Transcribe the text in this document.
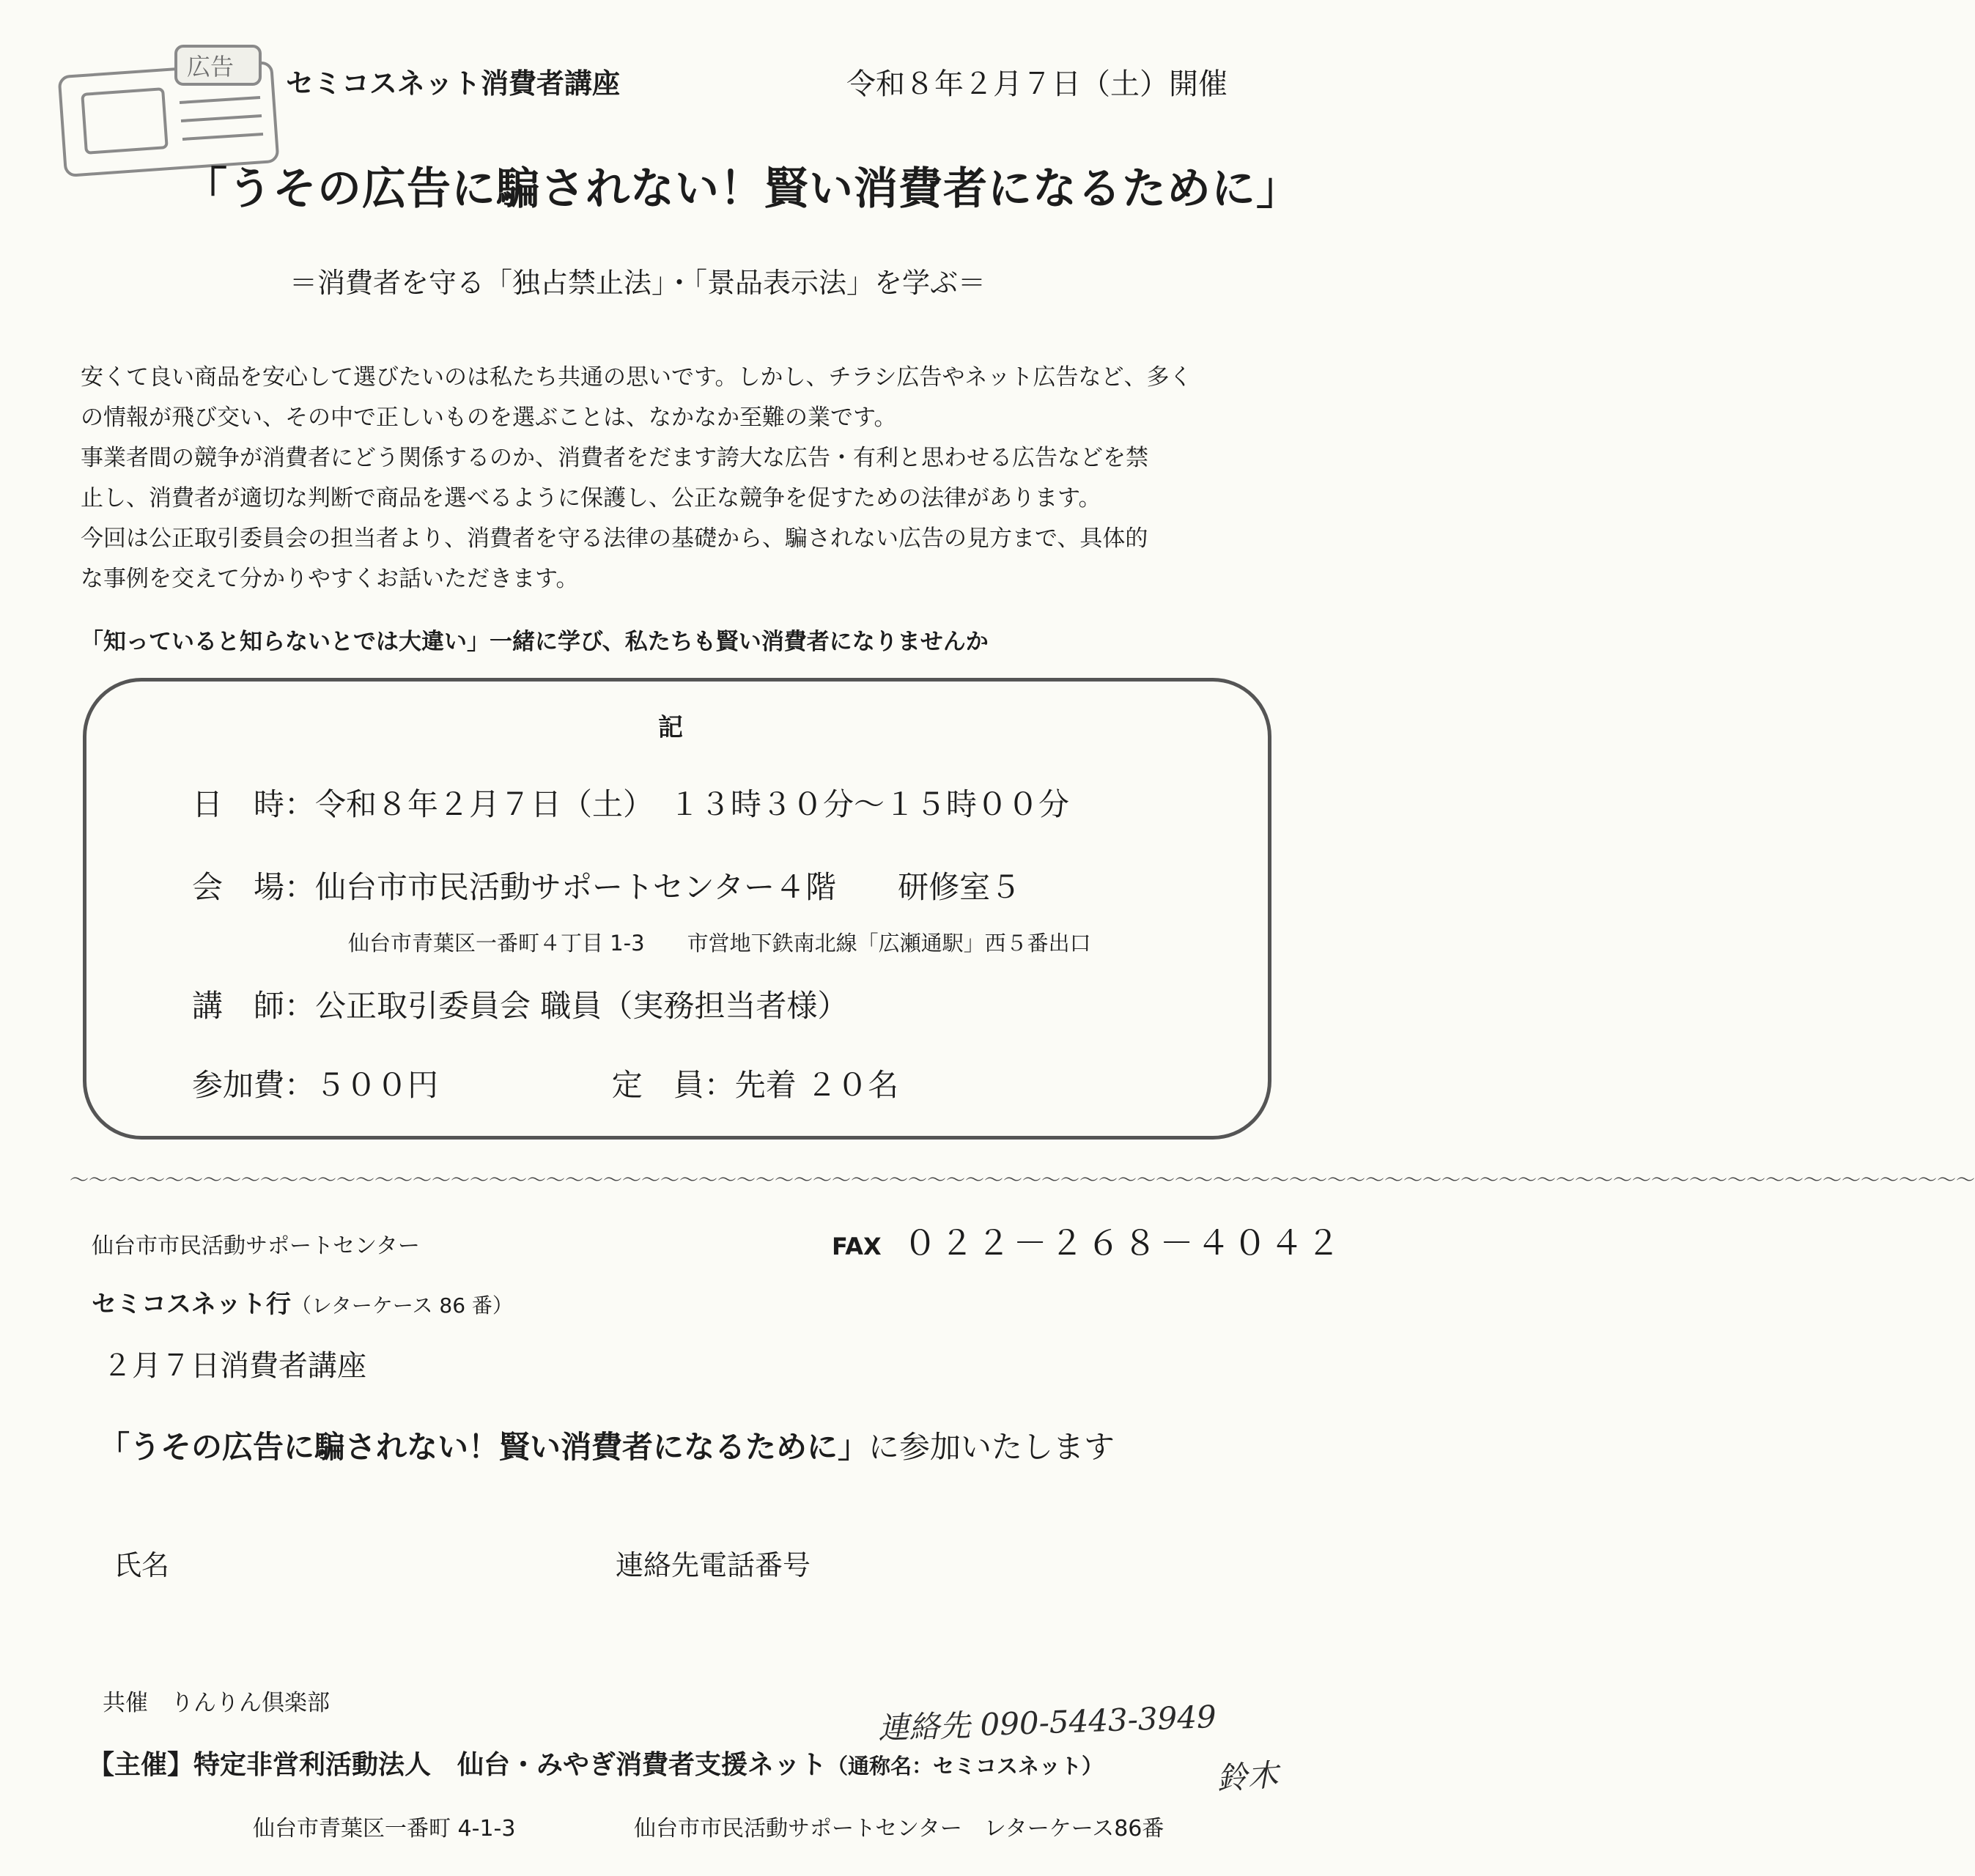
広告
セミコスネット消費者講座	令和８年２月７日（土）開催
「うその広告に騙されない！賢い消費者になるために」
＝消費者を守る「独占禁止法」・「景品表示法」を学ぶ＝

安くて良い商品を安心して選びたいのは私たち共通の思いです。しかし、チラシ広告やネット広告など、多く

の情報が飛び交い、その中で正しいものを選ぶことは、なかなか至難の業です。

事業者間の競争が消費者にどう関係するのか、消費者をだます誇大な広告・有利と思わせる広告などを禁

止し、消費者が適切な判断で商品を選べるように保護し、公正な競争を促すための法律があります。

今回は公正取引委員会の担当者より、消費者を守る法律の基礎から、騙されない広告の見方まで、具体的

な事例を交えて分かりやすくお話いただきます。

「知っていると知らないとでは大違い」一緒に学び、私たちも賢い消費者になりませんか
記
日　時：令和８年２月７日（土）　１３時３０分～１５時００分
会　場：仙台市市民活動サポートセンター４階　　研修室５
仙台市青葉区一番町４丁目 1-3　　市営地下鉄南北線「広瀬通駅」西５番出口
講　師：公正取引委員会 職員（実務担当者様）
参加費：５００円	定　員：先着 ２０名
～～～～～～～～～～～～～～～～～～～～～～～～～～～～～～～～～～～～～～～～～～～～～～～～～～～～～～～～～～～～～～～～～～～～～～～～～～～～～～～～～～～～～～～～～～～～～～～～～～～～
仙台市市民活動サポートセンター	FAX ０２２－２６８－４０４２
セミコスネット行（レターケース 86 番）
２月７日消費者講座
「うその広告に騙されない！賢い消費者になるために」に参加いたします
氏名	連絡先電話番号
共催　りんりん倶楽部
【主催】特定非営利活動法人　仙台・みやぎ消費者支援ネット（通称名：セミコスネット）
仙台市青葉区一番町 4-1-3	仙台市市民活動サポートセンター　レターケース86番
連絡先 090-5443-3949
鈴木
